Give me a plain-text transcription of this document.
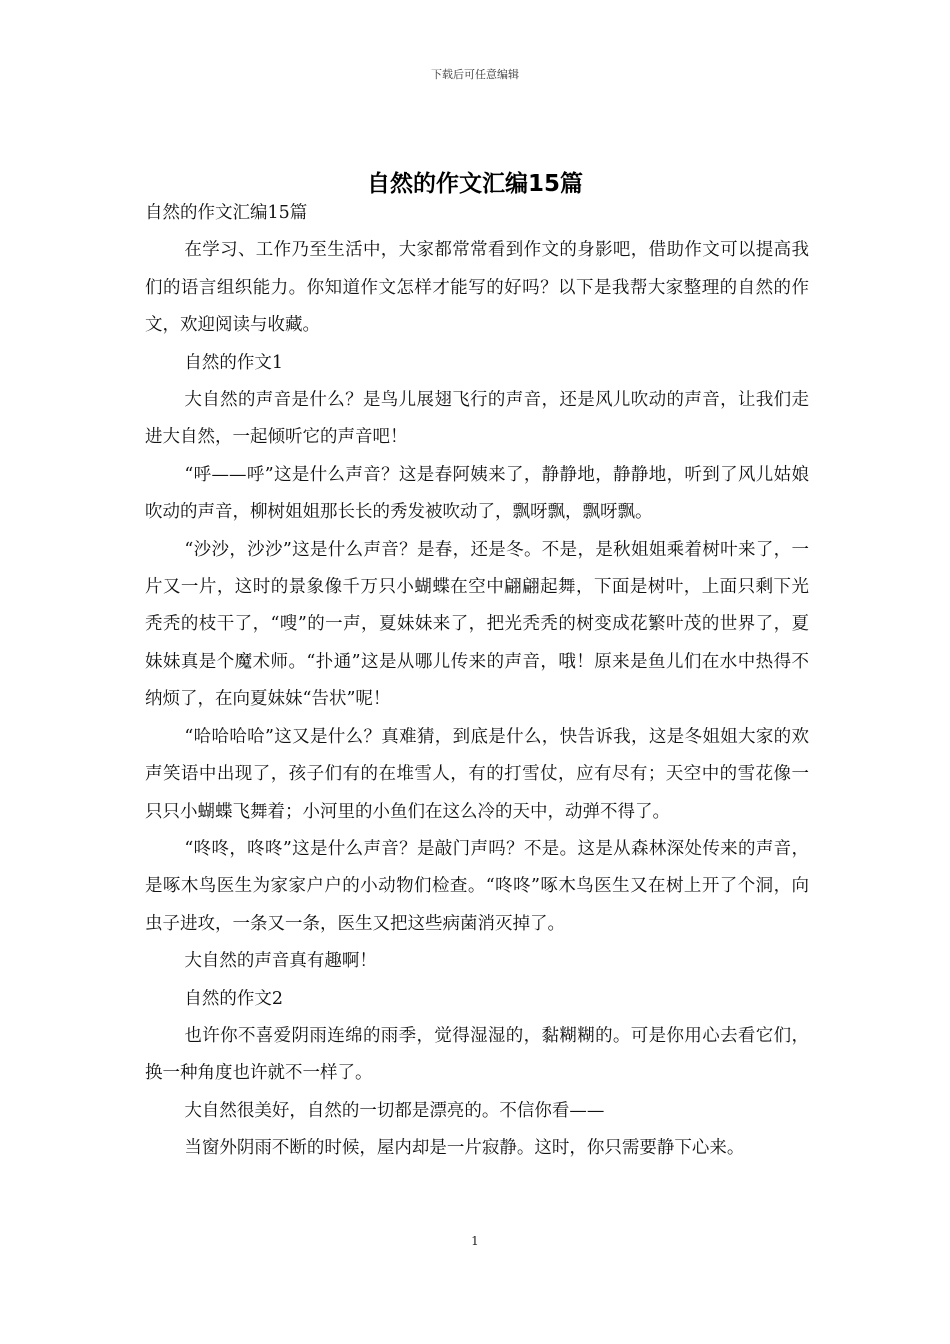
下载后可任意编辑
自然的作文汇编15篇

自然的作文汇编15篇

在学习、工作乃至生活中，大家都常常看到作文的身影吧，借助作文可以提高我们的语言组织能力。你知道作文怎样才能写的好吗？以下是我帮大家整理的自然的作文，欢迎阅读与收藏。

自然的作文1

大自然的声音是什么？是鸟儿展翅飞行的声音，还是风儿吹动的声音，让我们走进大自然，一起倾听它的声音吧！

“呼——呼”这是什么声音？这是春阿姨来了，静静地，静静地，听到了风儿姑娘吹动的声音，柳树姐姐那长长的秀发被吹动了，飘呀飘，飘呀飘。

“沙沙，沙沙”这是什么声音？是春，还是冬。不是，是秋姐姐乘着树叶来了，一片又一片，这时的景象像千万只小蝴蝶在空中翩翩起舞，下面是树叶，上面只剩下光秃秃的枝干了，“嗖”的一声，夏妹妹来了，把光秃秃的树变成花繁叶茂的世界了，夏妹妹真是个魔术师。“扑通”这是从哪儿传来的声音，哦！原来是鱼儿们在水中热得不纳烦了，在向夏妹妹“告状”呢！

“哈哈哈哈”这又是什么？真难猜，到底是什么，快告诉我，这是冬姐姐大家的欢声笑语中出现了，孩子们有的在堆雪人，有的打雪仗，应有尽有；天空中的雪花像一只只小蝴蝶飞舞着；小河里的小鱼们在这么冷的天中，动弹不得了。

“咚咚，咚咚”这是什么声音？是敲门声吗？不是。这是从森林深处传来的声音，是啄木鸟医生为家家户户的小动物们检查。“咚咚”啄木鸟医生又在树上开了个洞，向虫子进攻，一条又一条，医生又把这些病菌消灭掉了。

大自然的声音真有趣啊！

自然的作文2

也许你不喜爱阴雨连绵的雨季，觉得湿湿的，黏糊糊的。可是你用心去看它们，换一种角度也许就不一样了。

大自然很美好，自然的一切都是漂亮的。不信你看——

当窗外阴雨不断的时候，屋内却是一片寂静。这时，你只需要静下心来。

1
